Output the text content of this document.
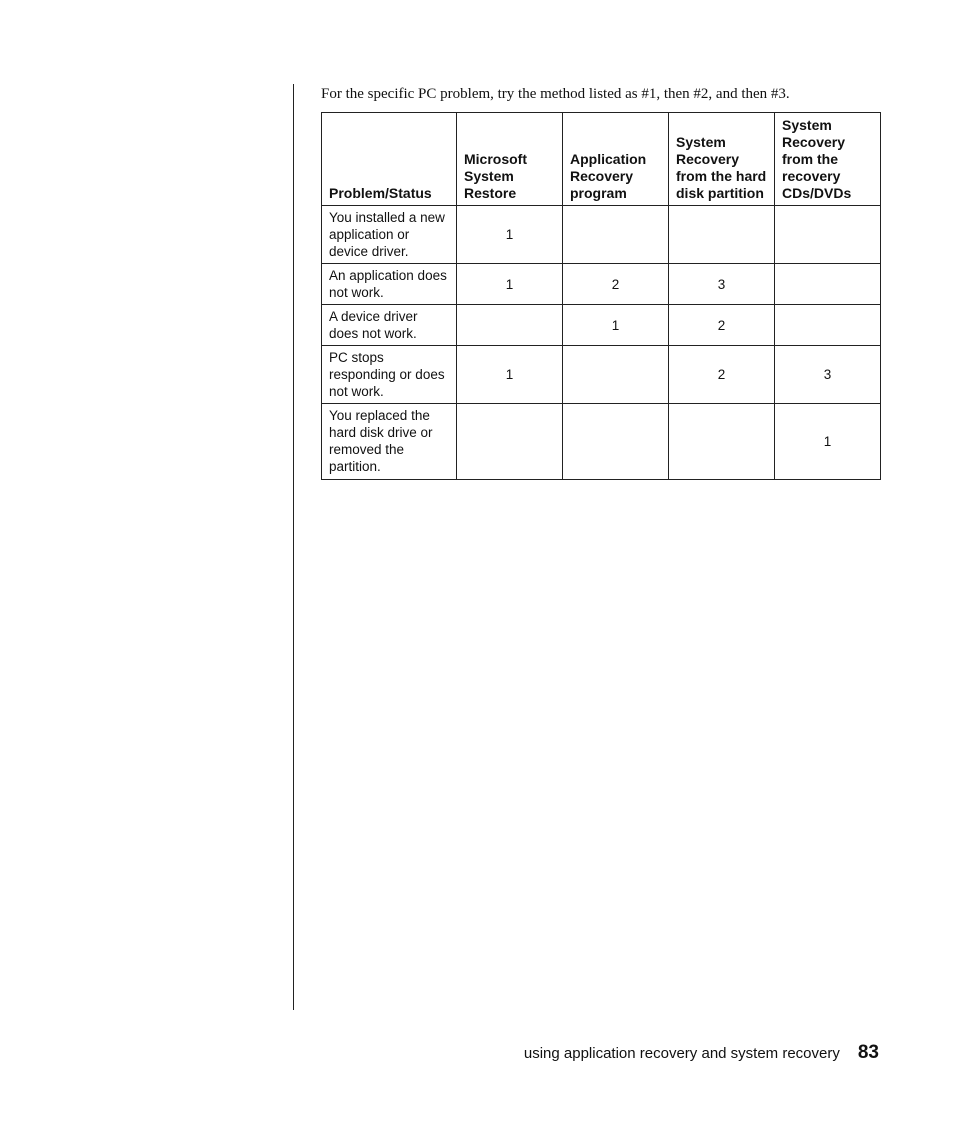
For the specific PC problem, try the method listed as #1, then #2, and then #3.

Problem/Status	Microsoft System Restore	Application Recovery program	System Recovery from the hard disk partition	System Recovery from the recovery CDs/DVDs
You installed a new application or device driver.	1			
An application does not work.	1	2	3	
A device driver does not work.		1	2	
PC stops responding or does not work.	1		2	3
You replaced the hard disk drive or removed the partition.				1
using application recovery and system recovery 83
